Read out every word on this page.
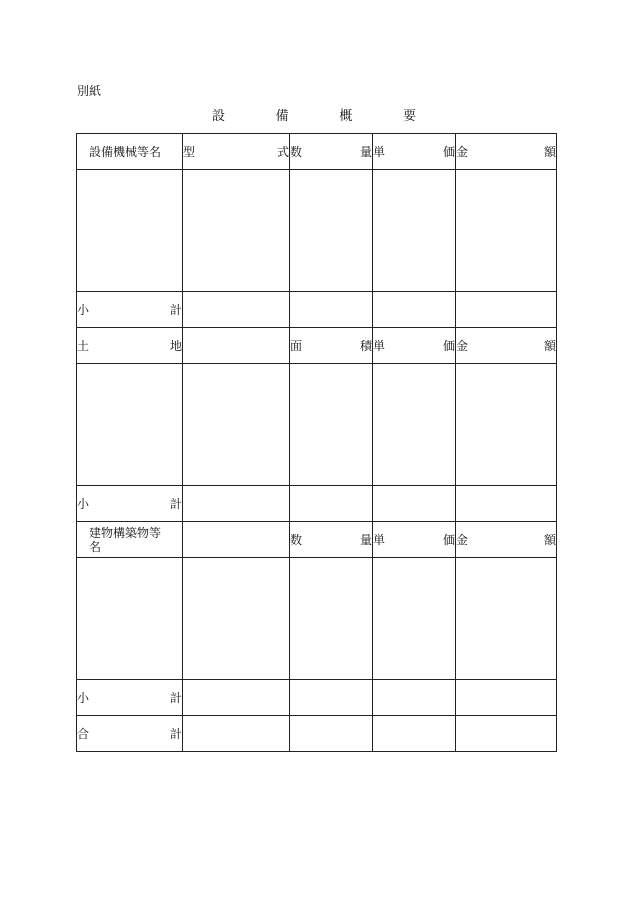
別紙
設	備	概	要
設備機械等名	型 式	数 量	単 価	金 額

小 計				

土 地		面 積	単 価	金 額

小 計				

建物構築物等名		数 量	単 価	金 額

小 計				

合 計				
